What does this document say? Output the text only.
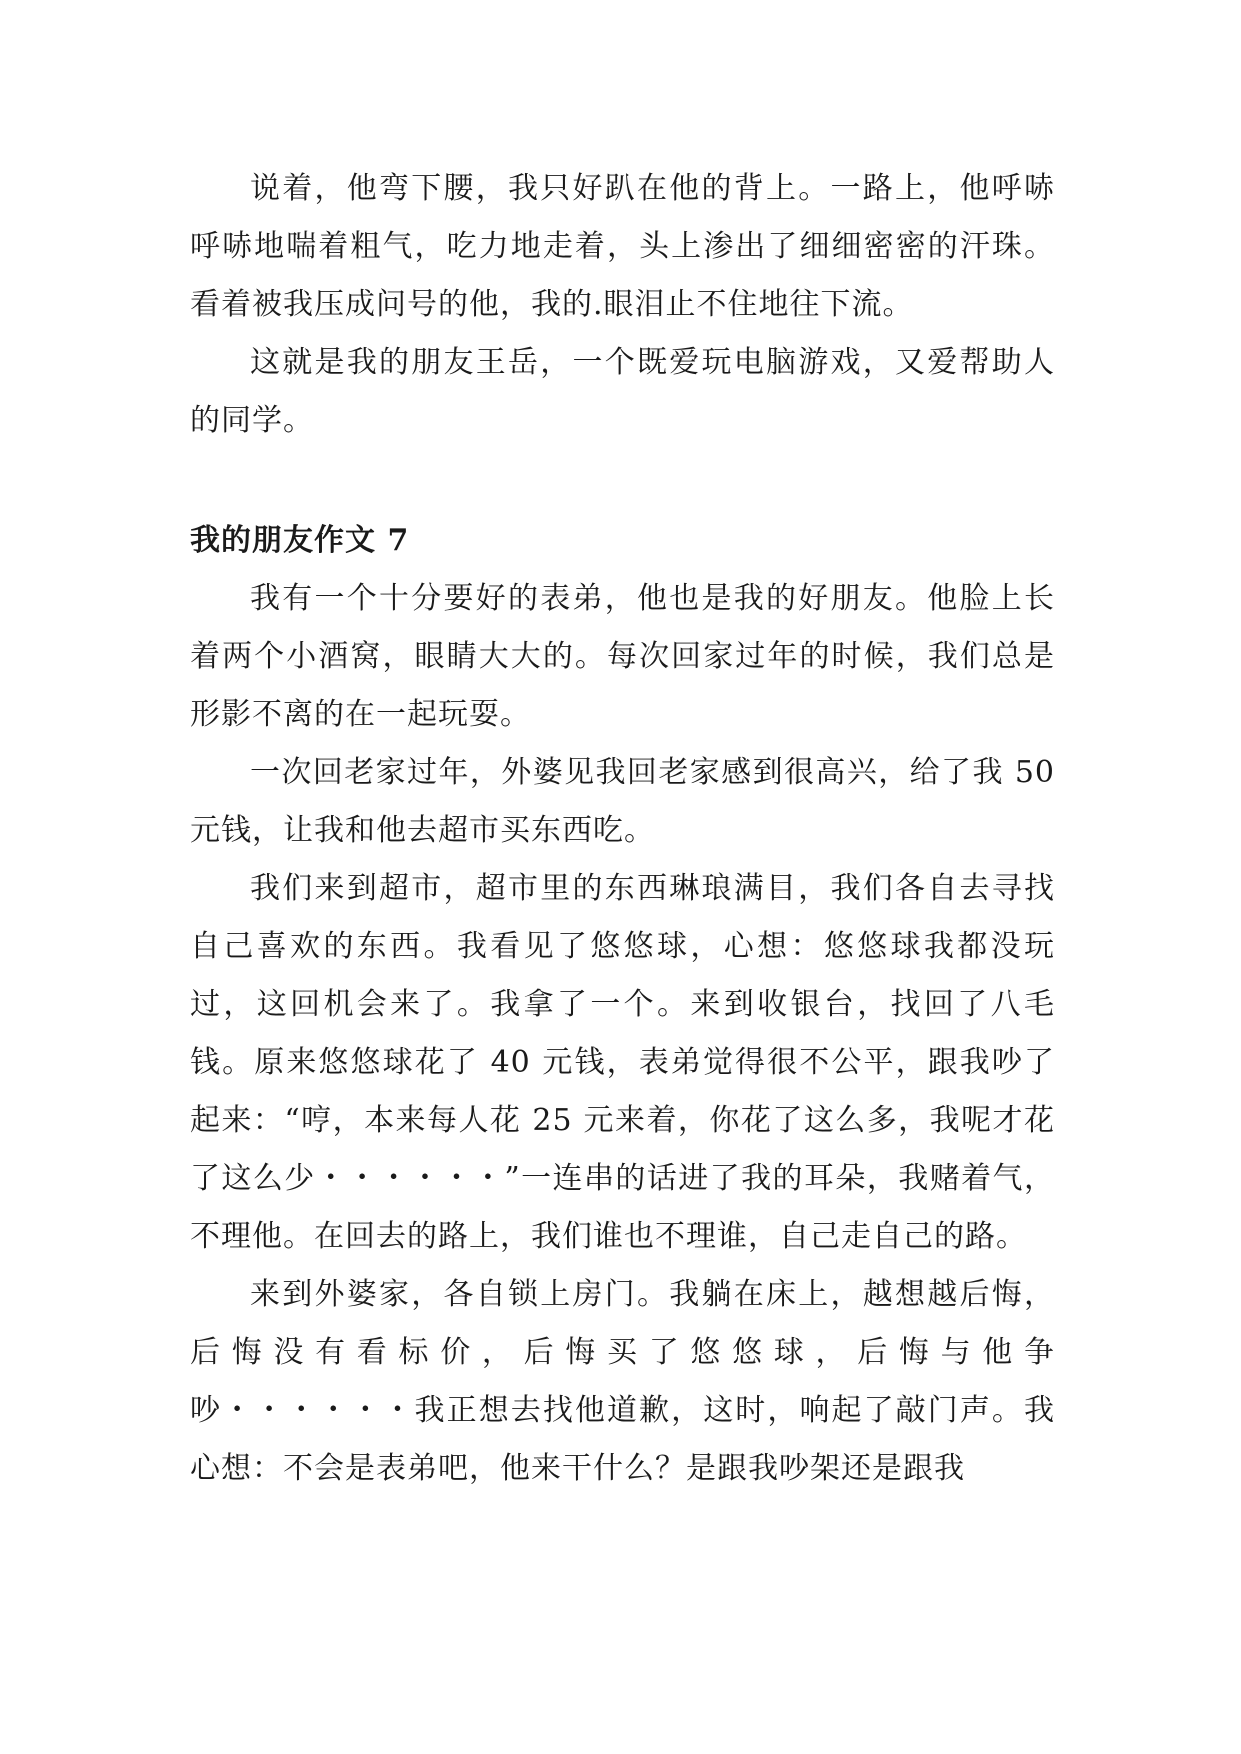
说着，他弯下腰，我只好趴在他的背上。一路上，他呼哧呼哧地喘着粗气，吃力地走着，头上渗出了细细密密的汗珠。看着被我压成问号的他，我的.眼泪止不住地往下流。

这就是我的朋友王岳，一个既爱玩电脑游戏，又爱帮助人的同学。

我的朋友作文 7

我有一个十分要好的表弟，他也是我的好朋友。他脸上长着两个小酒窝，眼睛大大的。每次回家过年的时候，我们总是形影不离的在一起玩耍。

一次回老家过年，外婆见我回老家感到很高兴，给了我 50 元钱，让我和他去超市买东西吃。

我们来到超市，超市里的东西琳琅满目，我们各自去寻找自己喜欢的东西。我看见了悠悠球，心想：悠悠球我都没玩过，这回机会来了。我拿了一个。来到收银台，找回了八毛钱。原来悠悠球花了 40 元钱，表弟觉得很不公平，跟我吵了起来：“哼，本来每人花 25 元来着，你花了这么多，我呢才花了这么少・・・・・・”一连串的话进了我的耳朵，我赌着气，不理他。在回去的路上，我们谁也不理谁，自己走自己的路。

来到外婆家，各自锁上房门。我躺在床上，越想越后悔，后悔没有看标价，后悔买了悠悠球，后悔与他争吵・・・・・・我正想去找他道歉，这时，响起了敲门声。我心想：不会是表弟吧，他来干什么？是跟我吵架还是跟我
